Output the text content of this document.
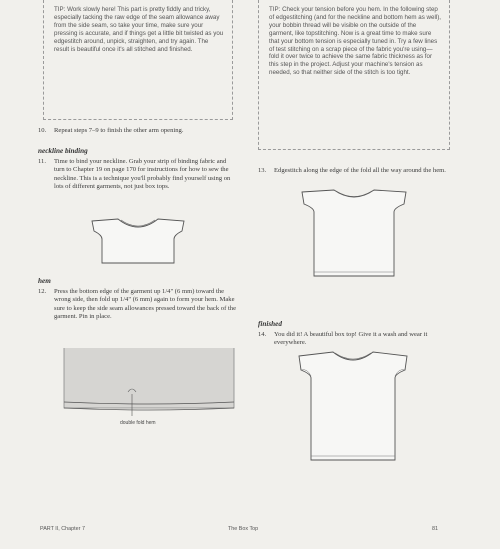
TIP: Work slowly here! This part is pretty fiddly and tricky, especially tacking the raw edge of the seam allowance away from the side seam, so take your time, make sure your pressing is accurate, and if things get a little bit twisted as you edgestitch around, unpick, straighten, and try again. The result is beautiful once it's all stitched and finished.
TIP: Check your tension before you hem. In the following step of edgestitching (and for the neckline and bottom hem as well), your bobbin thread will be visible on the outside of the garment, like topstitching. Now is a great time to make sure that your bottom tension is especially tuned in. Try a few lines of test stitching on a scrap piece of the fabric you're using—fold it over twice to achieve the same fabric thickness as for this step in the project. Adjust your machine's tension as needed, so that neither side of the stitch is too tight.
10.	Repeat steps 7–9 to finish the other arm opening.
neckline binding
11.	Time to bind your neckline. Grab your strip of binding fabric and turn to Chapter 19 on page 170 for instructions for how to sew the neckline. This is a technique you'll probably find yourself using on lots of different garments, not just box tops.
hem
12.	Press the bottom edge of the garment up 1/4" (6 mm) toward the wrong side, then fold up 1/4" (6 mm) again to form your hem. Make sure to keep the side seam allowances pressed toward the back of the garment. Pin in place.
double fold hem
13.	Edgestitch along the edge of the fold all the way around the hem.
finished
14.	You did it! A beautiful box top! Give it a wash and wear it everywhere.
PART II, Chapter 7	The Box Top	81
